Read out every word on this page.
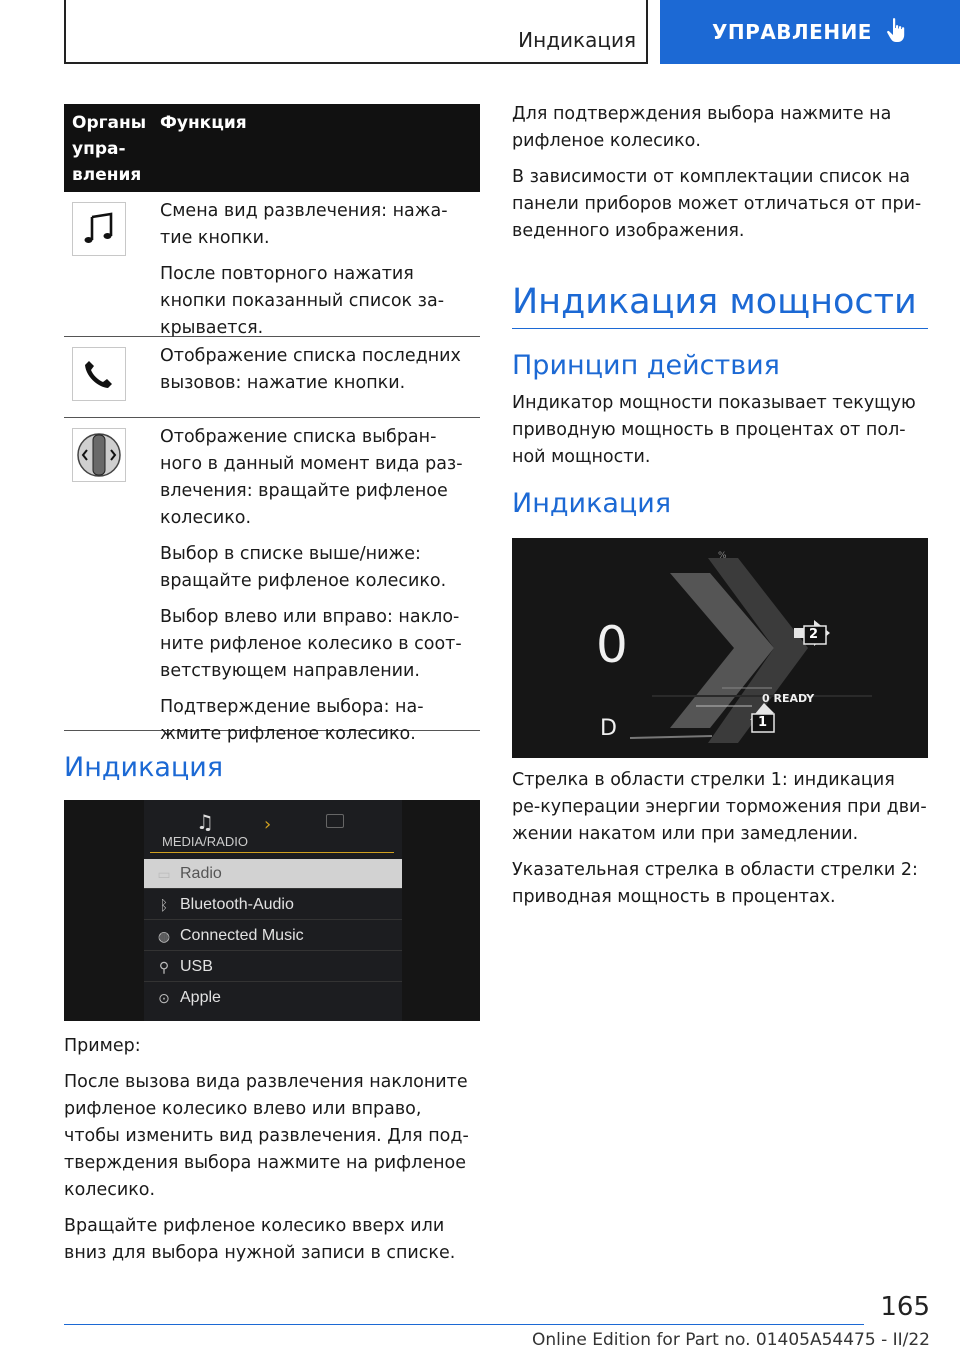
Индикация	УПРАВЛЕНИЕ
Органы упра-вления
Функция

Смена вид развлечения: нажа-тие кнопки.

После повторного нажатия кнопки показанный список за-крывается.

Отображение списка последних вызовов: нажатие кнопки.

Отображение списка выбран-ного в данный момент вида раз-влечения: вращайте рифленое колесико.

Выбор в списке выше/ниже: вращайте рифленое колесико.

Выбор влево или вправо: накло-ните рифленое колесико в соот-ветствующем направлении.

Подтверждение выбора: на-жмите рифленое колесико.

Индикация
♫	›
MEDIA/RADIO
▭ Radio
ᛒ Bluetooth-Audio
◍ Connected Music
⚲ USB
⊙ Apple

Пример:

После вызова вида развлечения наклоните рифленое колесико влево или вправо, чтобы изменить вид развлечения. Для под-тверждения выбора нажмите на рифленое колесико.

Вращайте рифленое колесико вверх или вниз для выбора нужной записи в списке.

Для подтверждения выбора нажмите на рифленое колесико.

В зависимости от комплектации список на панели приборов может отличаться от при-веденного изображения.

Индикация мощности
Принцип действия

Индикатор мощности показывает текущую приводную мощность в процентах от пол-ной мощности.

Индикация
0
D
%
0 READY
2
1

Стрелка в области стрелки 1: индикация ре-куперации энергии торможения при дви-жении накатом или при замедлении.

Указательная стрелка в области стрелки 2: приводная мощность в процентах.

165
Online Edition for Part no. 01405A54475 - II/22
